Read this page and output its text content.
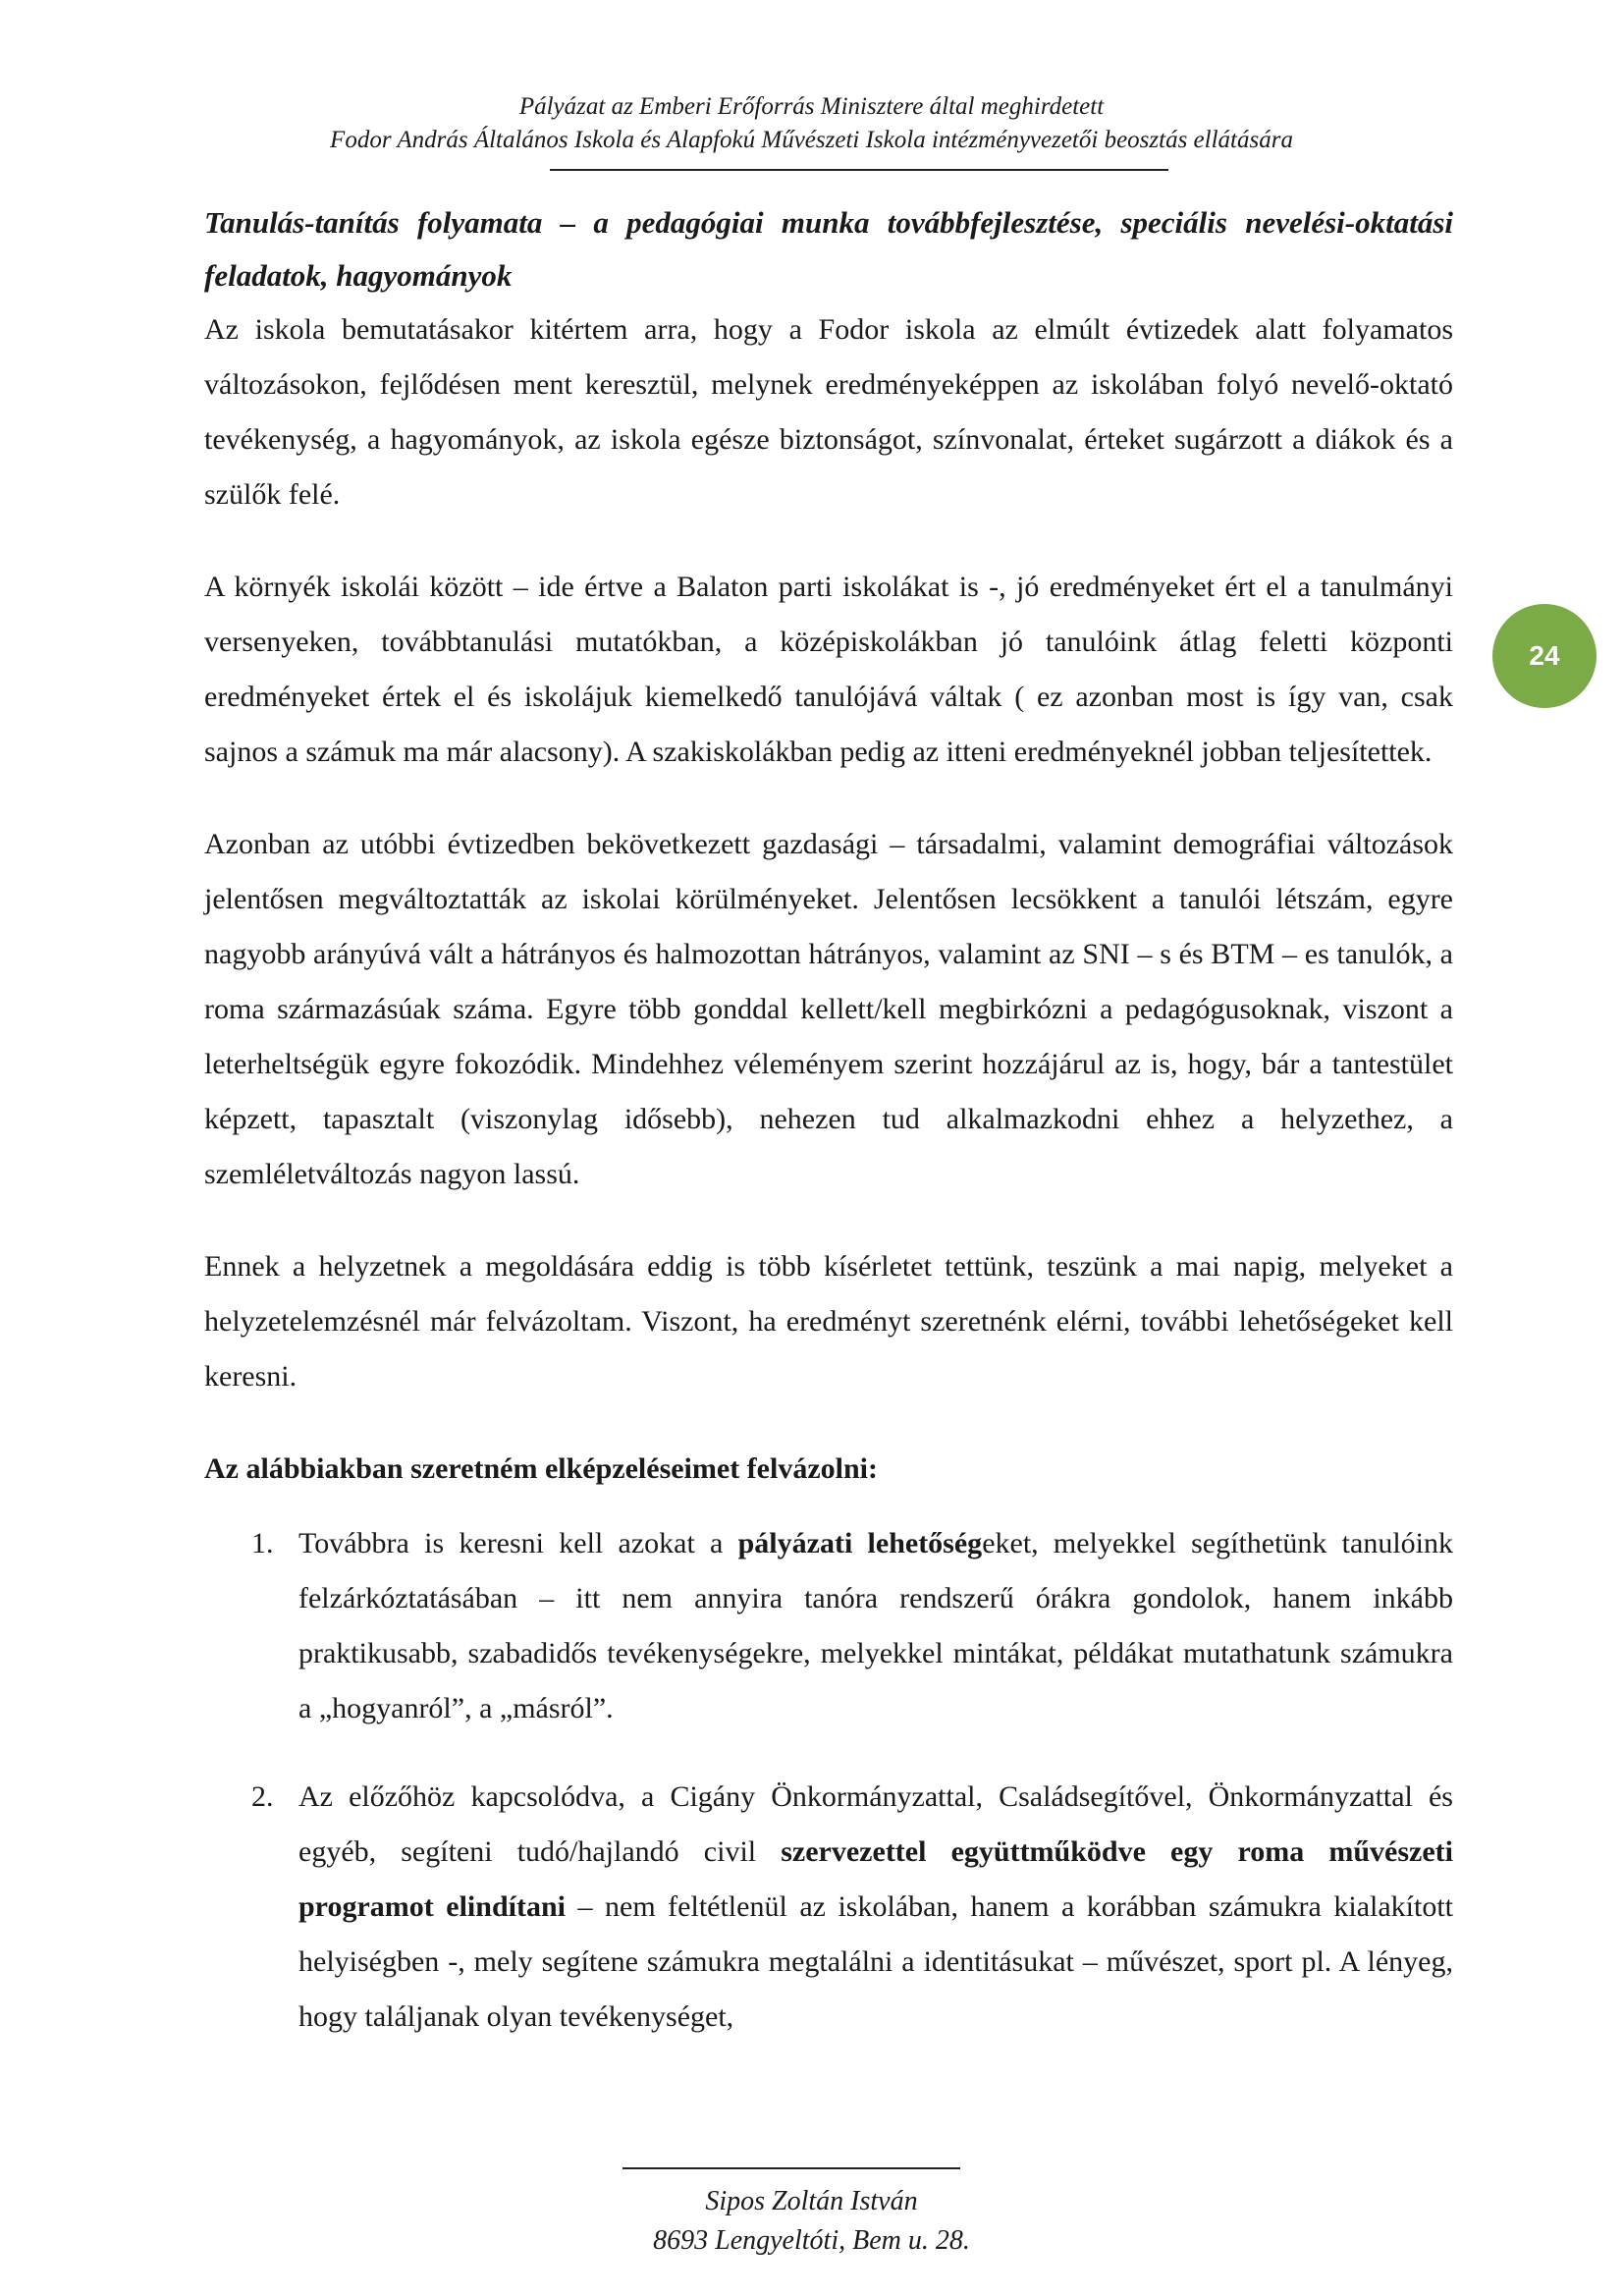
Pályázat az Emberi Erőforrás Minisztere által meghirdetett
Fodor András Általános Iskola és Alapfokú Művészeti Iskola intézményvezetői beosztás ellátására
24
Tanulás-tanítás folyamata – a pedagógiai munka továbbfejlesztése, speciális nevelési-oktatási feladatok, hagyományok

Az iskola bemutatásakor kitértem arra, hogy a Fodor iskola az elmúlt évtizedek alatt folyamatos változásokon, fejlődésen ment keresztül, melynek eredményeképpen az iskolában folyó nevelő-oktató tevékenység, a hagyományok, az iskola egésze biztonságot, színvonalat, érteket sugárzott a diákok és a szülők felé.

A környék iskolái között – ide értve a Balaton parti iskolákat is -, jó eredményeket ért el a tanulmányi versenyeken, továbbtanulási mutatókban, a középiskolákban jó tanulóink átlag feletti központi eredményeket értek el és iskolájuk kiemelkedő tanulójává váltak ( ez azonban most is így van, csak sajnos a számuk ma már alacsony). A szakiskolákban pedig az itteni eredményeknél jobban teljesítettek.

Azonban az utóbbi évtizedben bekövetkezett gazdasági – társadalmi, valamint demográfiai változások jelentősen megváltoztatták az iskolai körülményeket. Jelentősen lecsökkent a tanulói létszám, egyre nagyobb arányúvá vált a hátrányos és halmozottan hátrányos, valamint az SNI – s és BTM – es tanulók, a roma származásúak száma. Egyre több gonddal kellett/kell megbirkózni a pedagógusoknak, viszont a leterheltségük egyre fokozódik. Mindehhez véleményem szerint hozzájárul az is, hogy, bár a tantestület képzett, tapasztalt (viszonylag idősebb), nehezen tud alkalmazkodni ehhez a helyzethez, a szemléletváltozás nagyon lassú.

Ennek a helyzetnek a megoldására eddig is több kísérletet tettünk, teszünk a mai napig, melyeket a helyzetelemzésnél már felvázoltam. Viszont, ha eredményt szeretnénk elérni, további lehetőségeket kell keresni.

Az alábbiakban szeretném elképzeléseimet felvázolni:
1. Továbbra is keresni kell azokat a pályázati lehetőségeket, melyekkel segíthetünk tanulóink felzárkóztatásában – itt nem annyira tanóra rendszerű órákra gondolok, hanem inkább praktikusabb, szabadidős tevékenységekre, melyekkel mintákat, példákat mutathatunk számukra a „hogyanról”, a „másról”.
2. Az előzőhöz kapcsolódva, a Cigány Önkormányzattal, Családsegítővel, Önkormányzattal és egyéb, segíteni tudó/hajlandó civil szervezettel együttműködve egy roma művészeti programot elindítani – nem feltétlenül az iskolában, hanem a korábban számukra kialakított helyiségben -, mely segítene számukra megtalálni a identitásukat – művészet, sport pl. A lényeg, hogy találjanak olyan tevékenységet,
Sipos Zoltán István
8693 Lengyeltóti, Bem u. 28.
